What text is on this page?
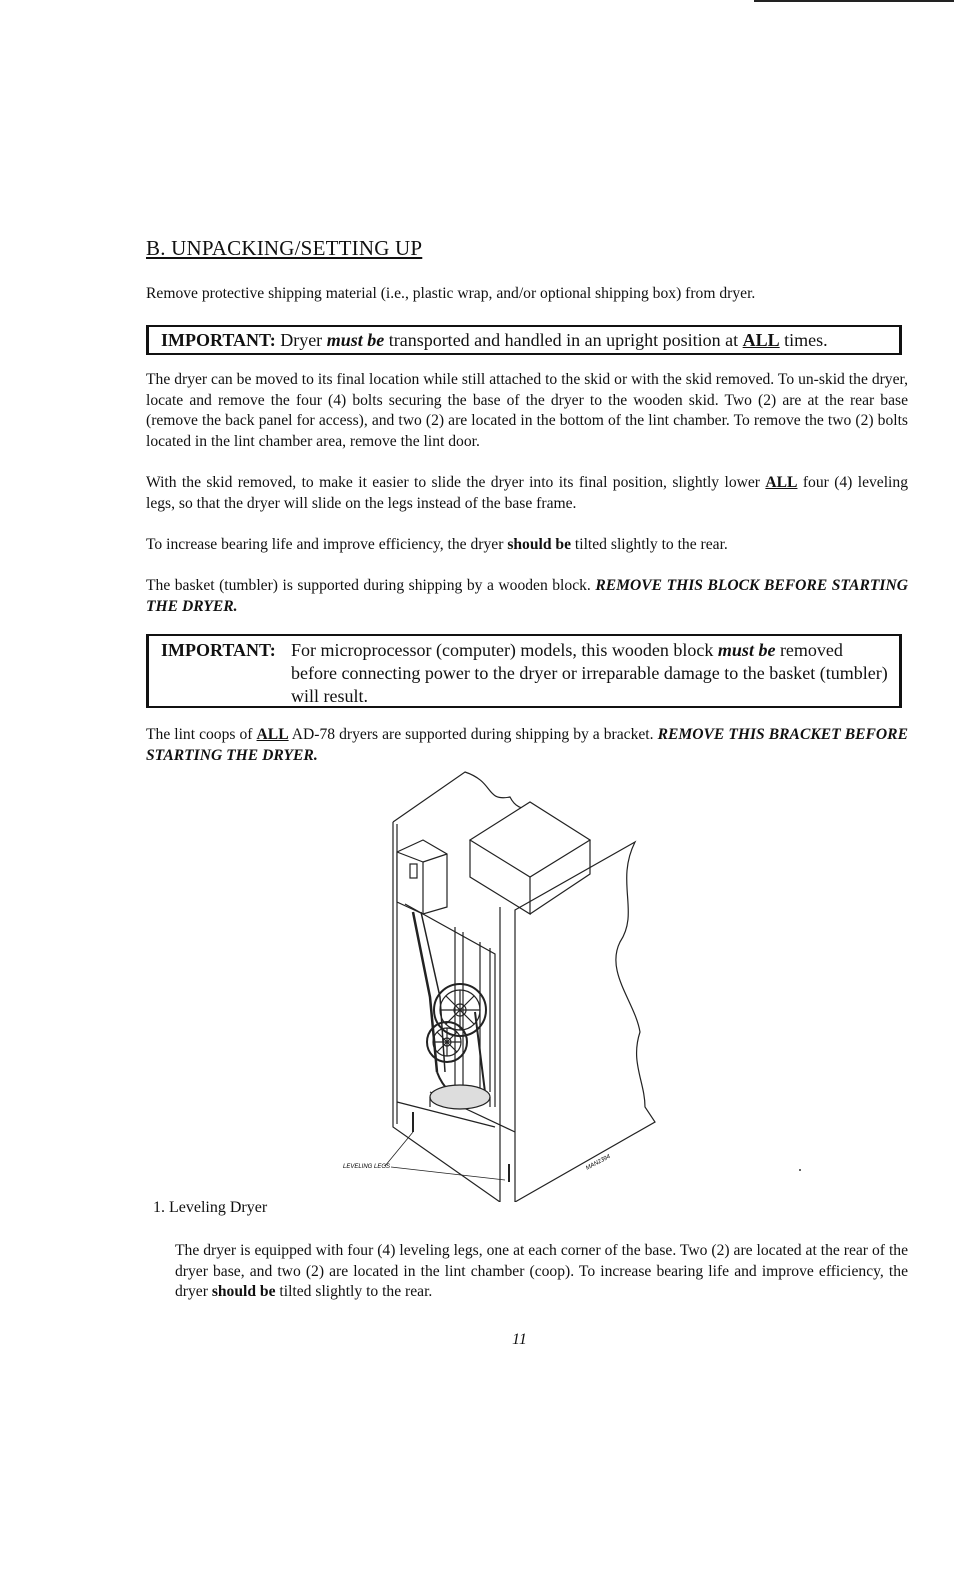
B. UNPACKING/SETTING UP
Remove protective shipping material (i.e., plastic wrap, and/or optional shipping box) from dryer.
IMPORTANT: Dryer must be transported and handled in an upright position at ALL times.
The dryer can be moved to its final location while still attached to the skid or with the skid removed. To un-skid the dryer, locate and remove the four (4) bolts securing the base of the dryer to the wooden skid. Two (2) are at the rear base (remove the back panel for access), and two (2) are located in the bottom of the lint chamber. To remove the two (2) bolts located in the lint chamber area, remove the lint door.
With the skid removed, to make it easier to slide the dryer into its final position, slightly lower ALL four (4) leveling legs, so that the dryer will slide on the legs instead of the base frame.
To increase bearing life and improve efficiency, the dryer should be tilted slightly to the rear.
The basket (tumbler) is supported during shipping by a wooden block. REMOVE THIS BLOCK BEFORE STARTING THE DRYER.
IMPORTANT: For microprocessor (computer) models, this wooden block must be removed before connecting power to the dryer or irreparable damage to the basket (tumbler) will result.
The lint coops of ALL AD-78 dryers are supported during shipping by a bracket. REMOVE THIS BRACKET BEFORE STARTING THE DRYER.
LEVELING LEGS	MAN2394
1. Leveling Dryer
The dryer is equipped with four (4) leveling legs, one at each corner of the base. Two (2) are located at the rear of the dryer base, and two (2) are located in the lint chamber (coop). To increase bearing life and improve efficiency, the dryer should be tilted slightly to the rear.
11
